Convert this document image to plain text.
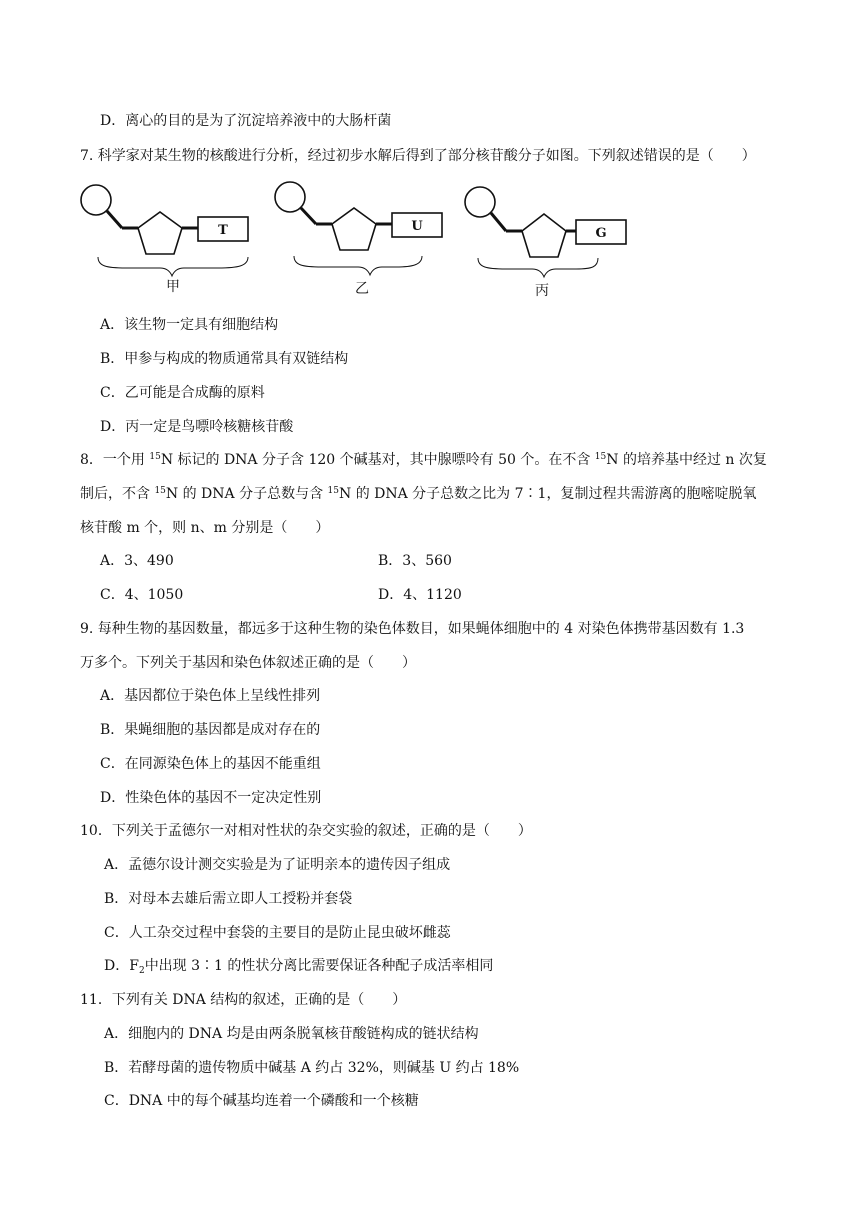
D．离心的目的是为了沉淀培养液中的大肠杆菌
7. 科学家对某生物的核酸进行分析，经过初步水解后得到了部分核苷酸分子如图。下列叙述错误的是（　　）
T	U	G
甲	乙	丙
A．该生物一定具有细胞结构
B．甲参与构成的物质通常具有双链结构
C．乙可能是合成酶的原料
D．丙一定是鸟嘌呤核糖核苷酸
8．一个用 $^{15}$N 标记的 DNA 分子含 120 个碱基对，其中腺嘌呤有 50 个。在不含 $^{15}$N 的培养基中经过 n 次复
制后，不含 $^{15}$N 的 DNA 分子总数与含 $^{15}$N 的 DNA 分子总数之比为 7∶1，复制过程共需游离的胞嘧啶脱氧
核苷酸 m 个，则 n、m 分别是（　　）
A．3、490	B．3、560
C．4、1050	D．4、1120
9. 每种生物的基因数量，都远多于这种生物的染色体数目，如果蝇体细胞中的 4 对染色体携带基因数有 1.3
万多个。下列关于基因和染色体叙述正确的是（　　）
A．基因都位于染色体上呈线性排列
B．果蝇细胞的基因都是成对存在的
C．在同源染色体上的基因不能重组
D．性染色体的基因不一定决定性别
10．下列关于孟德尔一对相对性状的杂交实验的叙述，正确的是（　　）
A．孟德尔设计测交实验是为了证明亲本的遗传因子组成
B．对母本去雄后需立即人工授粉并套袋
C．人工杂交过程中套袋的主要目的是防止昆虫破坏雌蕊
D．$F_2$中出现 3∶1 的性状分离比需要保证各种配子成活率相同
11．下列有关 DNA 结构的叙述，正确的是（　　）
A．细胞内的 DNA 均是由两条脱氧核苷酸链构成的链状结构
B．若酵母菌的遗传物质中碱基 A 约占 32%，则碱基 U 约占 18%
C．DNA 中的每个碱基均连着一个磷酸和一个核糖
